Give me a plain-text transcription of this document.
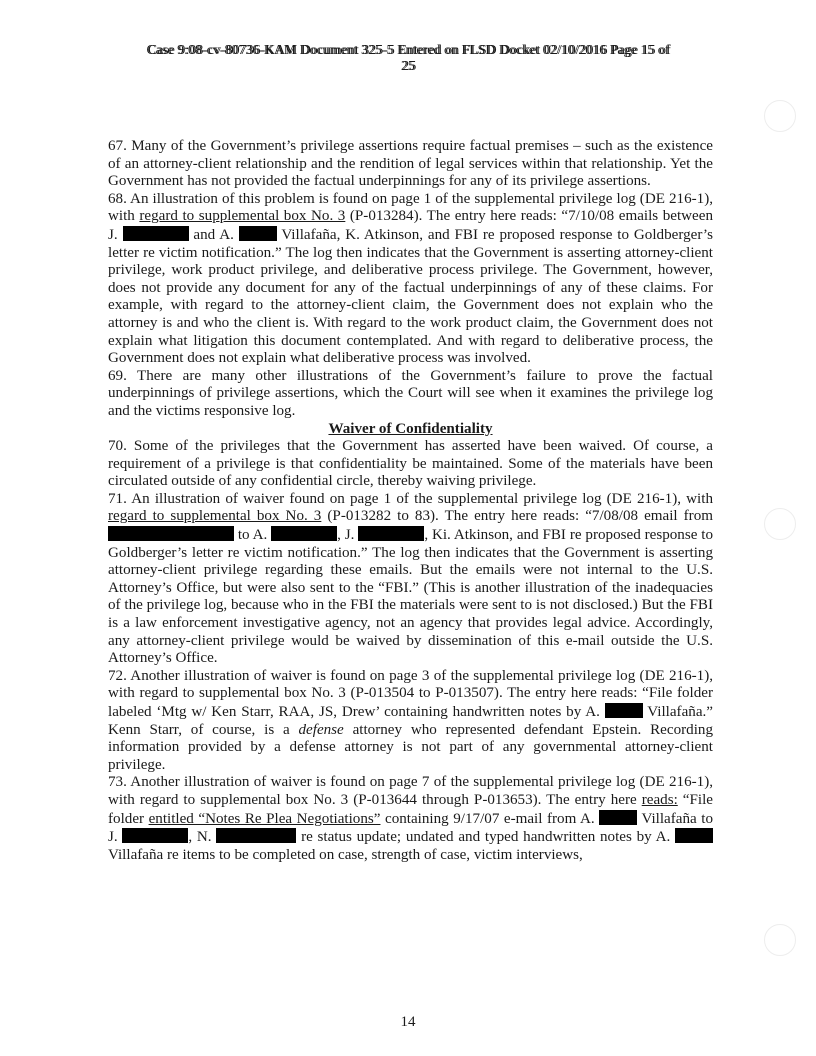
Case 9:08-cv-80736-KAM Document 325-5 Entered on FLSD Docket 02/10/2016 Page 15 of
25

67. Many of the Government’s privilege assertions require factual premises – such as the existence of an attorney-client relationship and the rendition of legal services within that relationship. Yet the Government has not provided the factual underpinnings for any of its privilege assertions.

68. An illustration of this problem is found on page 1 of the supplemental privilege log (DE 216-1), with regard to supplemental box No. 3 (P-013284). The entry here reads: “7/10/08 emails between J.	and A.	Villafaña, K. Atkinson, and FBI re proposed response to Goldberger’s letter re victim notification.” The log then indicates that the Government is asserting attorney-client privilege, work product privilege, and deliberative process privilege. The Government, however, does not provide any document for any of the factual underpinnings of any of these claims. For example, with regard to the attorney-client claim, the Government does not explain who the attorney is and who the client is. With regard to the work product claim, the Government does not explain what litigation this document contemplated. And with regard to deliberative process, the Government does not explain what deliberative process was involved.

69. There are many other illustrations of the Government’s failure to prove the factual underpinnings of privilege assertions, which the Court will see when it examines the privilege log and the victims responsive log.

Waiver of Confidentiality

70. Some of the privileges that the Government has asserted have been waived. Of course, a requirement of a privilege is that confidentiality be maintained. Some of the materials have been circulated outside of any confidential circle, thereby waiving privilege.

71. An illustration of waiver found on page 1 of the supplemental privilege log (DE 216-1), with regard to supplemental box No. 3 (P-013282 to 83). The entry here reads: “7/08/08 email from  to A.	, J.	, Ki. Atkinson, and FBI re proposed response to Goldberger’s letter re victim notification.” The log then indicates that the Government is asserting attorney-client privilege regarding these emails. But the emails were not internal to the U.S. Attorney’s Office, but were also sent to the “FBI.” (This is another illustration of the inadequacies of the privilege log, because who in the FBI the materials were sent to is not disclosed.) But the FBI is a law enforcement investigative agency, not an agency that provides legal advice. Accordingly, any attorney-client privilege would be waived by dissemination of this e-mail outside the U.S. Attorney’s Office.

72. Another illustration of waiver is found on page 3 of the supplemental privilege log (DE 216-1), with regard to supplemental box No. 3 (P-013504 to P-013507). The entry here reads: “File folder labeled ‘Mtg w/ Ken Starr, RAA, JS, Drew’ containing handwritten notes by A.	Villafaña.” Kenn Starr, of course, is a defense attorney who represented defendant Epstein. Recording information provided by a defense attorney is not part of any governmental attorney-client privilege.

73. Another illustration of waiver is found on page 7 of the supplemental privilege log (DE 216-1), with regard to supplemental box No. 3 (P-013644 through P-013653). The entry here reads: “File folder entitled “Notes Re Plea Negotiations” containing 9/17/07 e-mail from A.	Villafaña to J.	, N.	re status update; undated and typed handwritten notes by A.  Villafaña re items to be completed on case, strength of case, victim interviews,

14
